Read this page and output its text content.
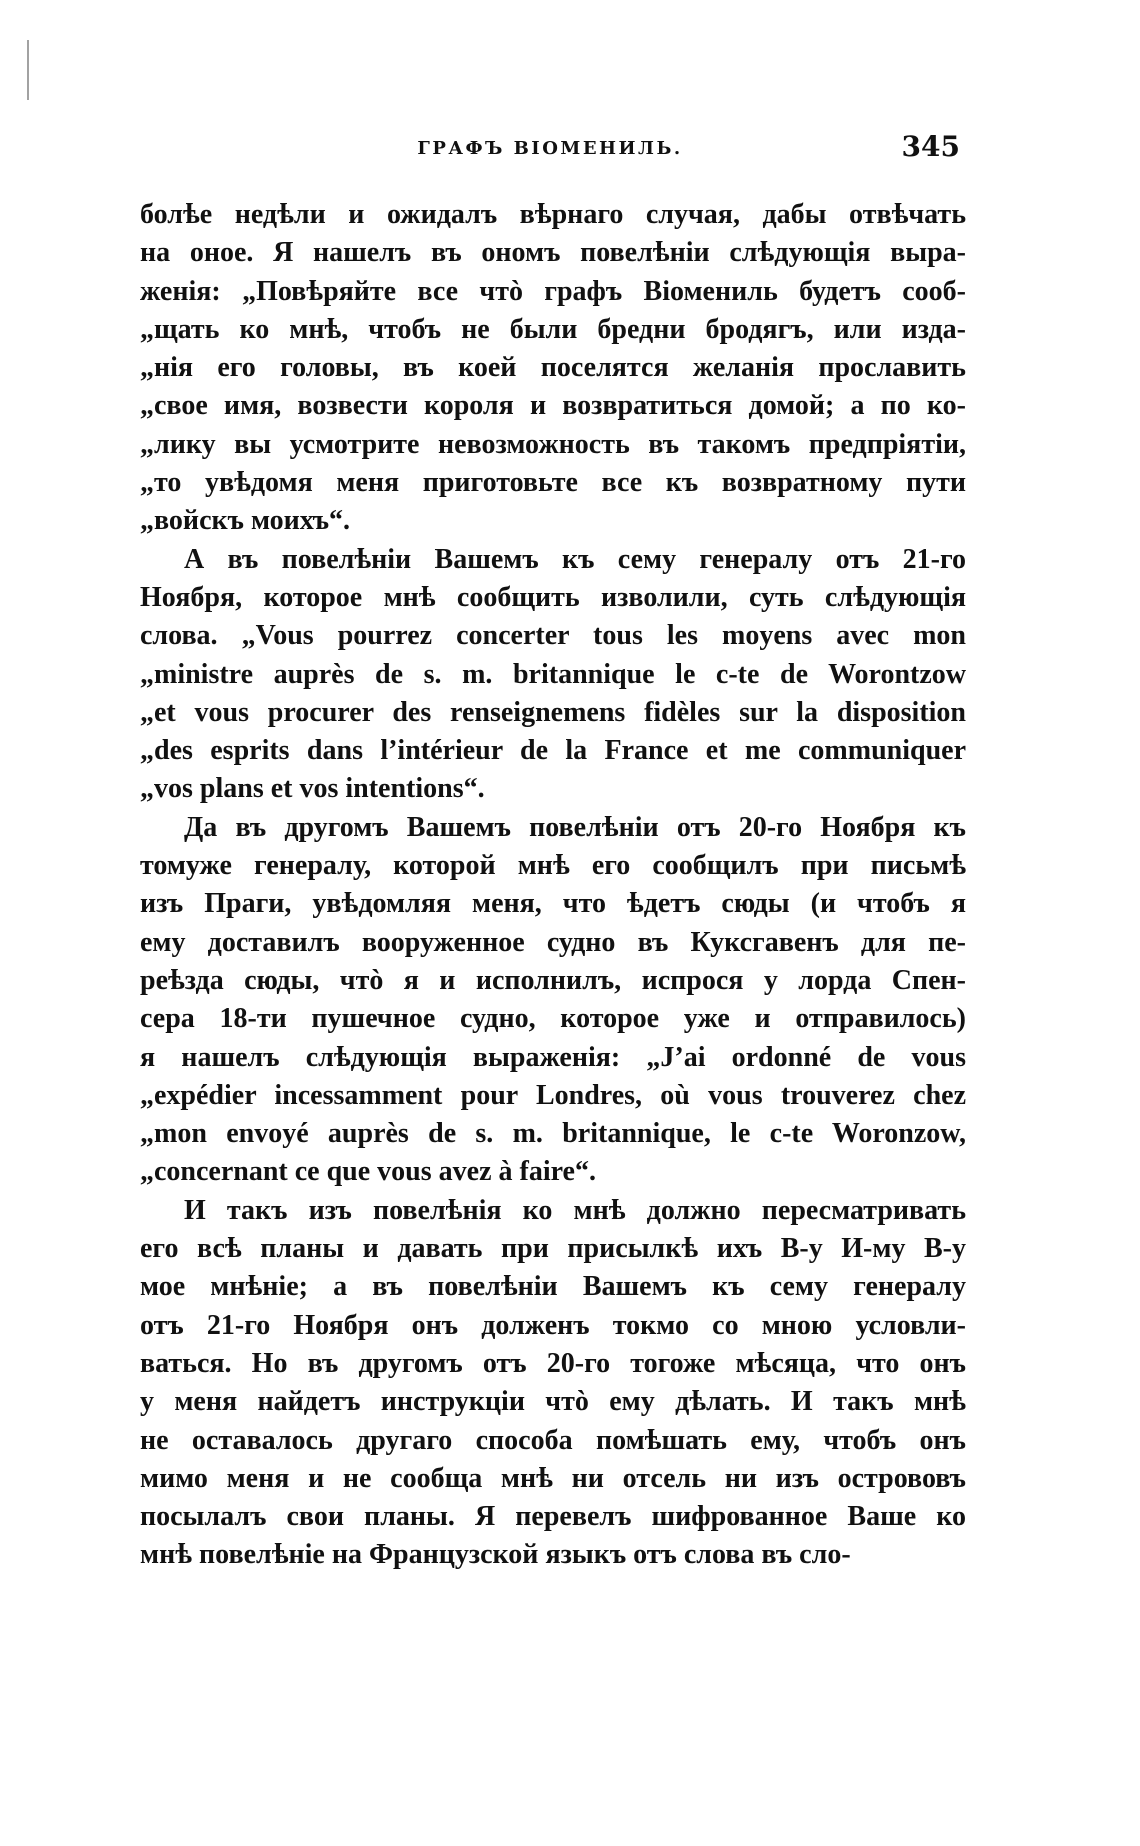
ГРАФЪ ВІОМЕНИЛЬ.	345
болѣе недѣли и ожидалъ вѣрнаго случая, дабы отвѣчать
на оное. Я нашелъ въ ономъ повелѣніи слѣдующія выра-
женія: „Повѣряйте все чтò графъ Віомениль будетъ сооб-
„щать ко мнѣ, чтобъ не были бредни бродягъ, или изда-
„нія его головы, въ коей поселятся желанія прославить
„свое имя, возвести короля и возвратиться домой; а по ко-
„лику вы усмотрите невозможность въ такомъ предпріятіи,
„то увѣдомя меня приготовьте все къ возвратному пути
„войскъ моихъ“.
А въ повелѣніи Вашемъ къ сему генералу отъ 21-го
Ноября, которое мнѣ сообщить изволили, суть слѣдующія
слова. „Vous pourrez concerter tous les moyens avec mon
„ministre auprès de s. m. britannique le c-te de Worontzow
„et vous procurer des renseignemens fidèles sur la disposition
„des esprits dans l’intérieur de la France et me communiquer
„vos plans et vos intentions“.
Да въ другомъ Вашемъ повелѣніи отъ 20-го Ноября къ
томуже генералу, которой мнѣ его сообщилъ при письмѣ
изъ Праги, увѣдомляя меня, что ѣдетъ сюды (и чтобъ я
ему доставилъ вооруженное судно въ Куксгавенъ для пе-
реѣзда сюды, чтò я и исполнилъ, испрося у лорда Спен-
сера 18-ти пушечное судно, которое уже и отправилось)
я нашелъ слѣдующія выраженія: „J’ai ordonné de vous
„expédier incessamment pour Londres, où vous trouverez chez
„mon envoyé auprès de s. m. britannique, le c-te Woronzow,
„concernant ce que vous avez à faire“.
И такъ изъ повелѣнія ко мнѣ должно пересматривать
его всѣ планы и давать при присылкѣ ихъ В-у И-му В-у
мое мнѣніе; а въ повелѣніи Вашемъ къ сему генералу
отъ 21-го Ноября онъ долженъ токмо со мною условли-
ваться. Но въ другомъ отъ 20-го тогоже мѣсяца, что онъ
у меня найдетъ инструкціи чтò ему дѣлать. И такъ мнѣ
не оставалось другаго способа помѣшать ему, чтобъ онъ
мимо меня и не сообща мнѣ ни отсель ни изъ острововъ
посылалъ свои планы. Я перевелъ шифрованное Ваше ко
мнѣ повелѣніе на Французской языкъ отъ слова въ сло-
